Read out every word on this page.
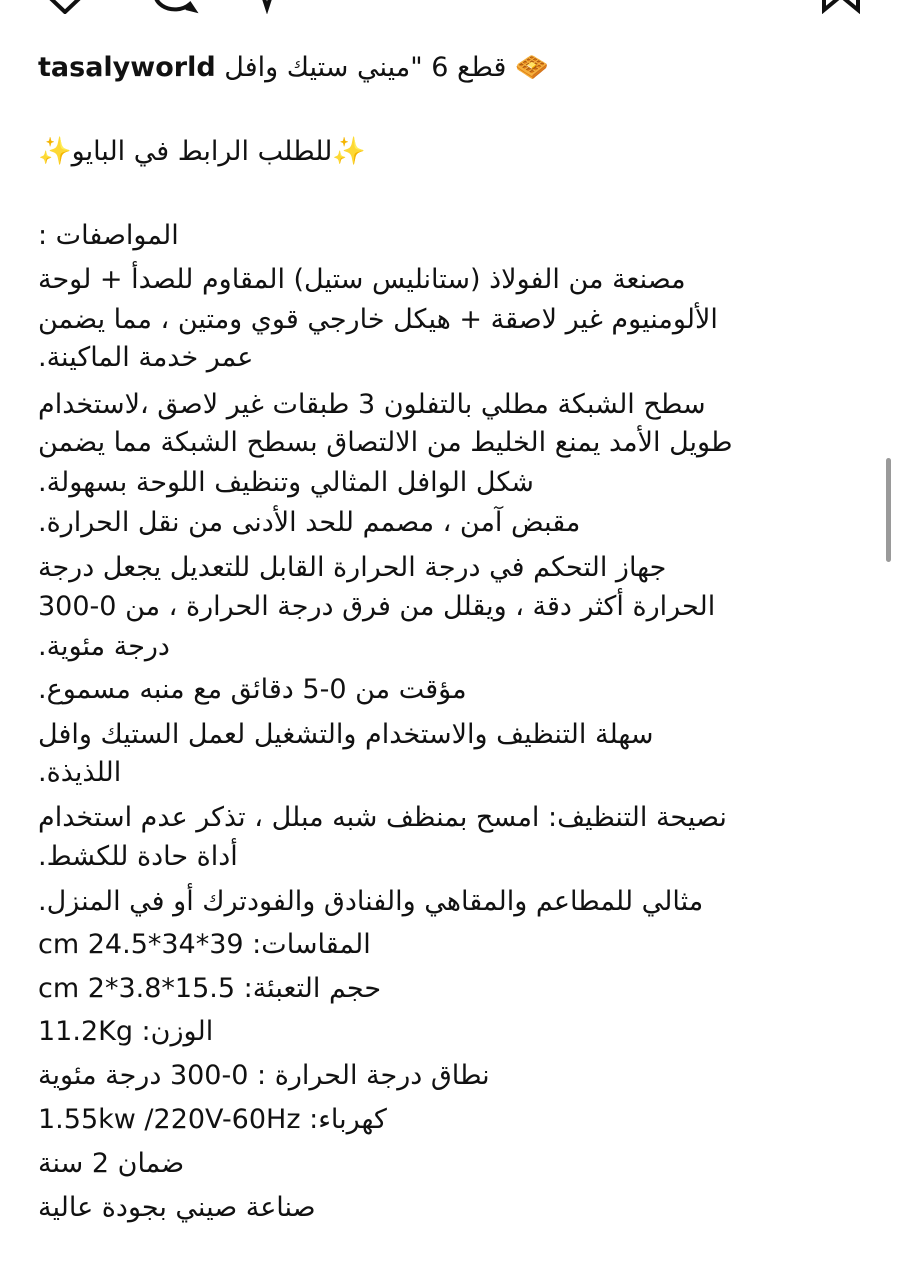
tasalyworld قطع 6 "ميني ستيك وافل 🧇
✨للطلب الرابط في البايو✨
المواصفات :
مصنعة من الفولاذ (ستانليس ستيل) المقاوم للصدأ + لوحة
الألومنيوم غير لاصقة + هيكل خارجي قوي ومتين ، مما يضمن
عمر خدمة الماكينة.
سطح الشبكة مطلي بالتفلون 3 طبقات غير لاصق ،لاستخدام
طويل الأمد يمنع الخليط من الالتصاق بسطح الشبكة مما يضمن
شكل الوافل المثالي وتنظيف اللوحة بسهولة.
مقبض آمن ، مصمم للحد الأدنى من نقل الحرارة.
جهاز التحكم في درجة الحرارة القابل للتعديل يجعل درجة
الحرارة أكثر دقة ، ويقلل من فرق درجة الحرارة ، من 0-300
درجة مئوية.
مؤقت من 0-5 دقائق مع منبه مسموع.
سهلة التنظيف والاستخدام والتشغيل لعمل الستيك وافل
اللذيذة.
نصيحة التنظيف: امسح بمنظف شبه مبلل ، تذكر عدم استخدام
أداة حادة للكشط.
مثالي للمطاعم والمقاهي والفنادق والفودترك أو في المنزل.
المقاسات: 39*34*24.5 cm
حجم التعبئة: 15.5*3.8*2 cm
الوزن: 11.2Kg
نطاق درجة الحرارة : 0-300 درجة مئوية
كهرباء: 1.55kw /220V-60Hz
ضمان 2 سنة
صناعة صيني بجودة عالية
